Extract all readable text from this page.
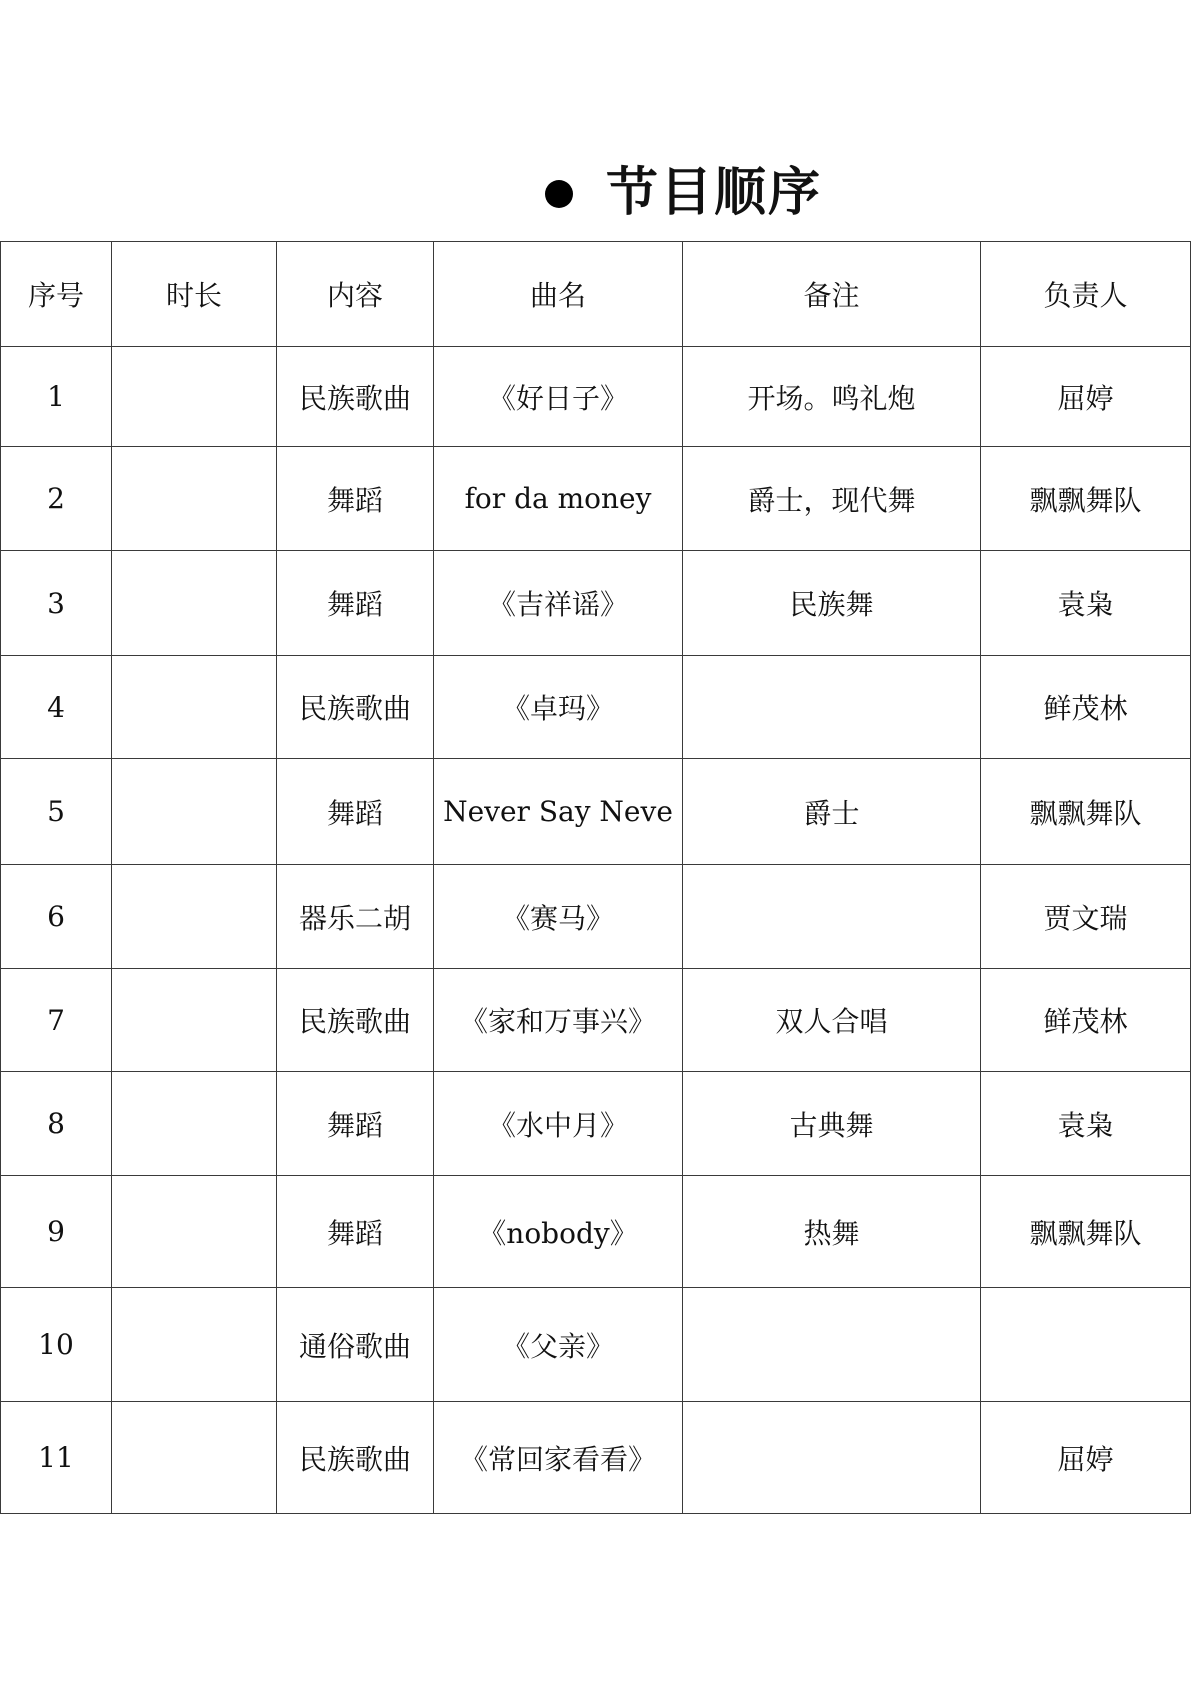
节目顺序
序号	时长	内容	曲名	备注	负责人
1		民族歌曲	《好日子》	开场。鸣礼炮	屈婷
2		舞蹈	for da money	爵士，现代舞	飘飘舞队
3		舞蹈	《吉祥谣》	民族舞	袁枭
4		民族歌曲	《卓玛》		鲜茂林
5		舞蹈	Never Say Neve	爵士	飘飘舞队
6		器乐二胡	《赛马》		贾文瑞
7		民族歌曲	《家和万事兴》	双人合唱	鲜茂林
8		舞蹈	《水中月》	古典舞	袁枭
9		舞蹈	《nobody》	热舞	飘飘舞队
10		通俗歌曲	《父亲》		
11		民族歌曲	《常回家看看》		屈婷
